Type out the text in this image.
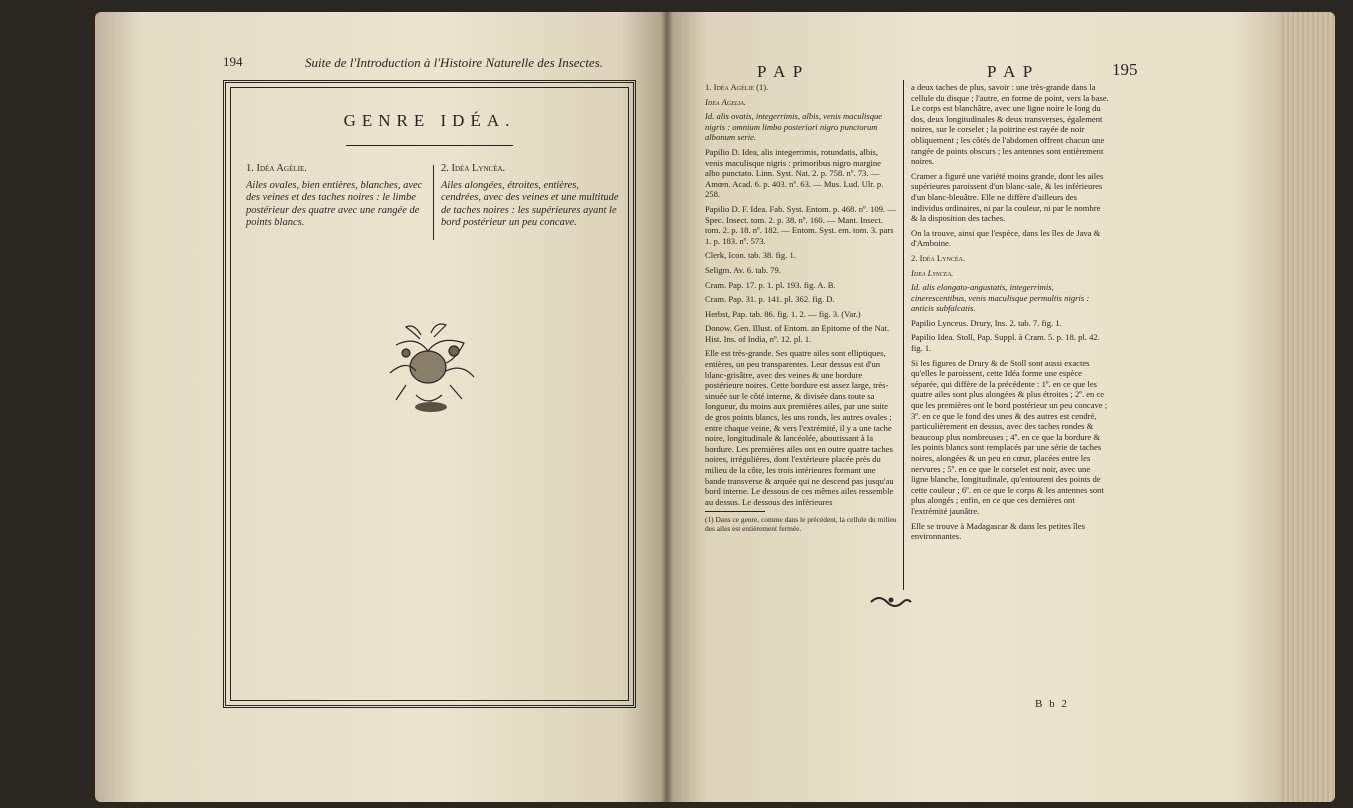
194	Suite de l'Introduction à l'Histoire Naturelle des Insectes.
GENRE IDÉA.

1. Idéa Agélie.

Ailes ovales, bien entières, blanches, avec des veines et des taches noires : le limbe postérieur des quatre avec une rangée de points blancs.

2. Idéa Lyncéa.

Ailes alongées, étroites, entières, cendrées, avec des veines et une multitude de taches noires : les supérieures ayant le bord postérieur un peu concave.

P A P	P A P	195

1. Idéa Agélie (1).

Idea Agelia.

Id. alis ovatis, integerrimis, albis, venis maculisque nigris : omnium limbo posteriori nigro punctorum albonum serie.

Papilio D. Idea, alis integerrimis, rotundatis, albis, venis maculisque nigris : primoribus nigro margine albo punctato. Linn. Syst. Nat. 2. p. 758. nº. 73. — Amœn. Acad. 6. p. 403. nº. 63. — Mus. Lud. Ulr. p. 258.

Papilio D. F. Idea. Fab. Syst. Entom. p. 468. nº. 109. — Spec. Insect. tom. 2. p. 38. nº. 160. — Mant. Insect. tom. 2. p. 18. nº. 182. — Entom. Syst. em. tom. 3. pars 1. p. 183. nº. 573.

Clerk, Icon. tab. 38. fig. 1.

Seligm. Av. 6. tab. 79.

Cram. Pap. 17. p. 1. pl. 193. fig. A. B.

Cram. Pap. 31. p. 141. pl. 362. fig. D.

Herbst, Pap. tab. 86. fig. 1. 2. — fig. 3. (Var.)

Donow. Gen. Illust. of Entom. an Epitome of the Nat. Hist. Ins. of India, nº. 12. pl. 1.

Elle est très-grande. Ses quatre ailes sont elliptiques, entières, un peu transparentes. Leur dessus est d'un blanc-grisâtre, avec des veines & une bordure postérieure noires. Cette bordure est assez large, très-sinuée sur le côté interne, & divisée dans toute sa longueur, du moins aux premières ailes, par une suite de gros points blancs, les uns ronds, les autres ovales ; entre chaque veine, & vers l'extrémité, il y a une tache noire, longitudinale & lancéolée, aboutissant à la bordure. Les premières ailes ont en outre quatre taches noires, irrégulières, dont l'extérieure placée près du milieu de la côte, les trois intérieures formant une bande transverse & arquée qui ne descend pas jusqu'au bord interne. Le dessous de ces mêmes ailes ressemble au dessus. Le dessous des inférieures

(1) Dans ce genre, comme dans le précédent, la cellule du milieu des ailes est entièrement fermée.

a deux taches de plus, savoir : une très-grande dans la cellule du disque ; l'autre, en forme de point, vers la base. Le corps est blanchâtre, avec une ligne noire le long du dos, deux longitudinales & deux transverses, également noires, sur le corselet ; la poitrine est rayée de noir obliquement ; les côtés de l'abdomen offrent chacun une rangée de points obscurs ; les antennes sont entièrement noires.

Cramer a figuré une variété moins grande, dont les ailes supérieures paroissent d'un blanc-sale, & les inférieures d'un blanc-bleuâtre. Elle ne diffère d'ailleurs des individus ordinaires, ni par la couleur, ni par le nombre & la disposition des taches.

On la trouve, ainsi que l'espèce, dans les îles de Java & d'Amboine.

2. Idéa Lyncéa.

Idea Lyncea.

Id. alis elongato-angustatis, integerrimis, cinerescentibus, venis maculisque permultis nigris : anticis subfalcatis.

Papilio Lynceus. Drury, Ins. 2. tab. 7. fig. 1.

Papilio Idea. Stoll, Pap. Suppl. à Cram. 5. p. 18. pl. 42. fig. 1.

Si les figures de Drury & de Stoll sont aussi exactes qu'elles le paroissent, cette Idéa forme une espèce séparée, qui diffère de la précédente : 1º. en ce que les quatre ailes sont plus alongées & plus étroites ; 2º. en ce que les premières ont le bord postérieur un peu concave ; 3º. en ce que le fond des unes & des autres est cendré, particulièrement en dessus, avec des taches rondes & beaucoup plus nombreuses ; 4º. en ce que la bordure & les points blancs sont remplacés par une série de taches noires, alongées & un peu en cœur, placées entre les nervures ; 5º. en ce que le corselet est noir, avec une ligne blanche, longitudinale, qu'entourent des points de cette couleur ; 6º. en ce que le corps & les antennes sont plus alongés ; enfin, en ce que ces dernières ont l'extrémité jaunâtre.

Elle se trouve à Madagascar & dans les petites îles environnantes.

B b 2
